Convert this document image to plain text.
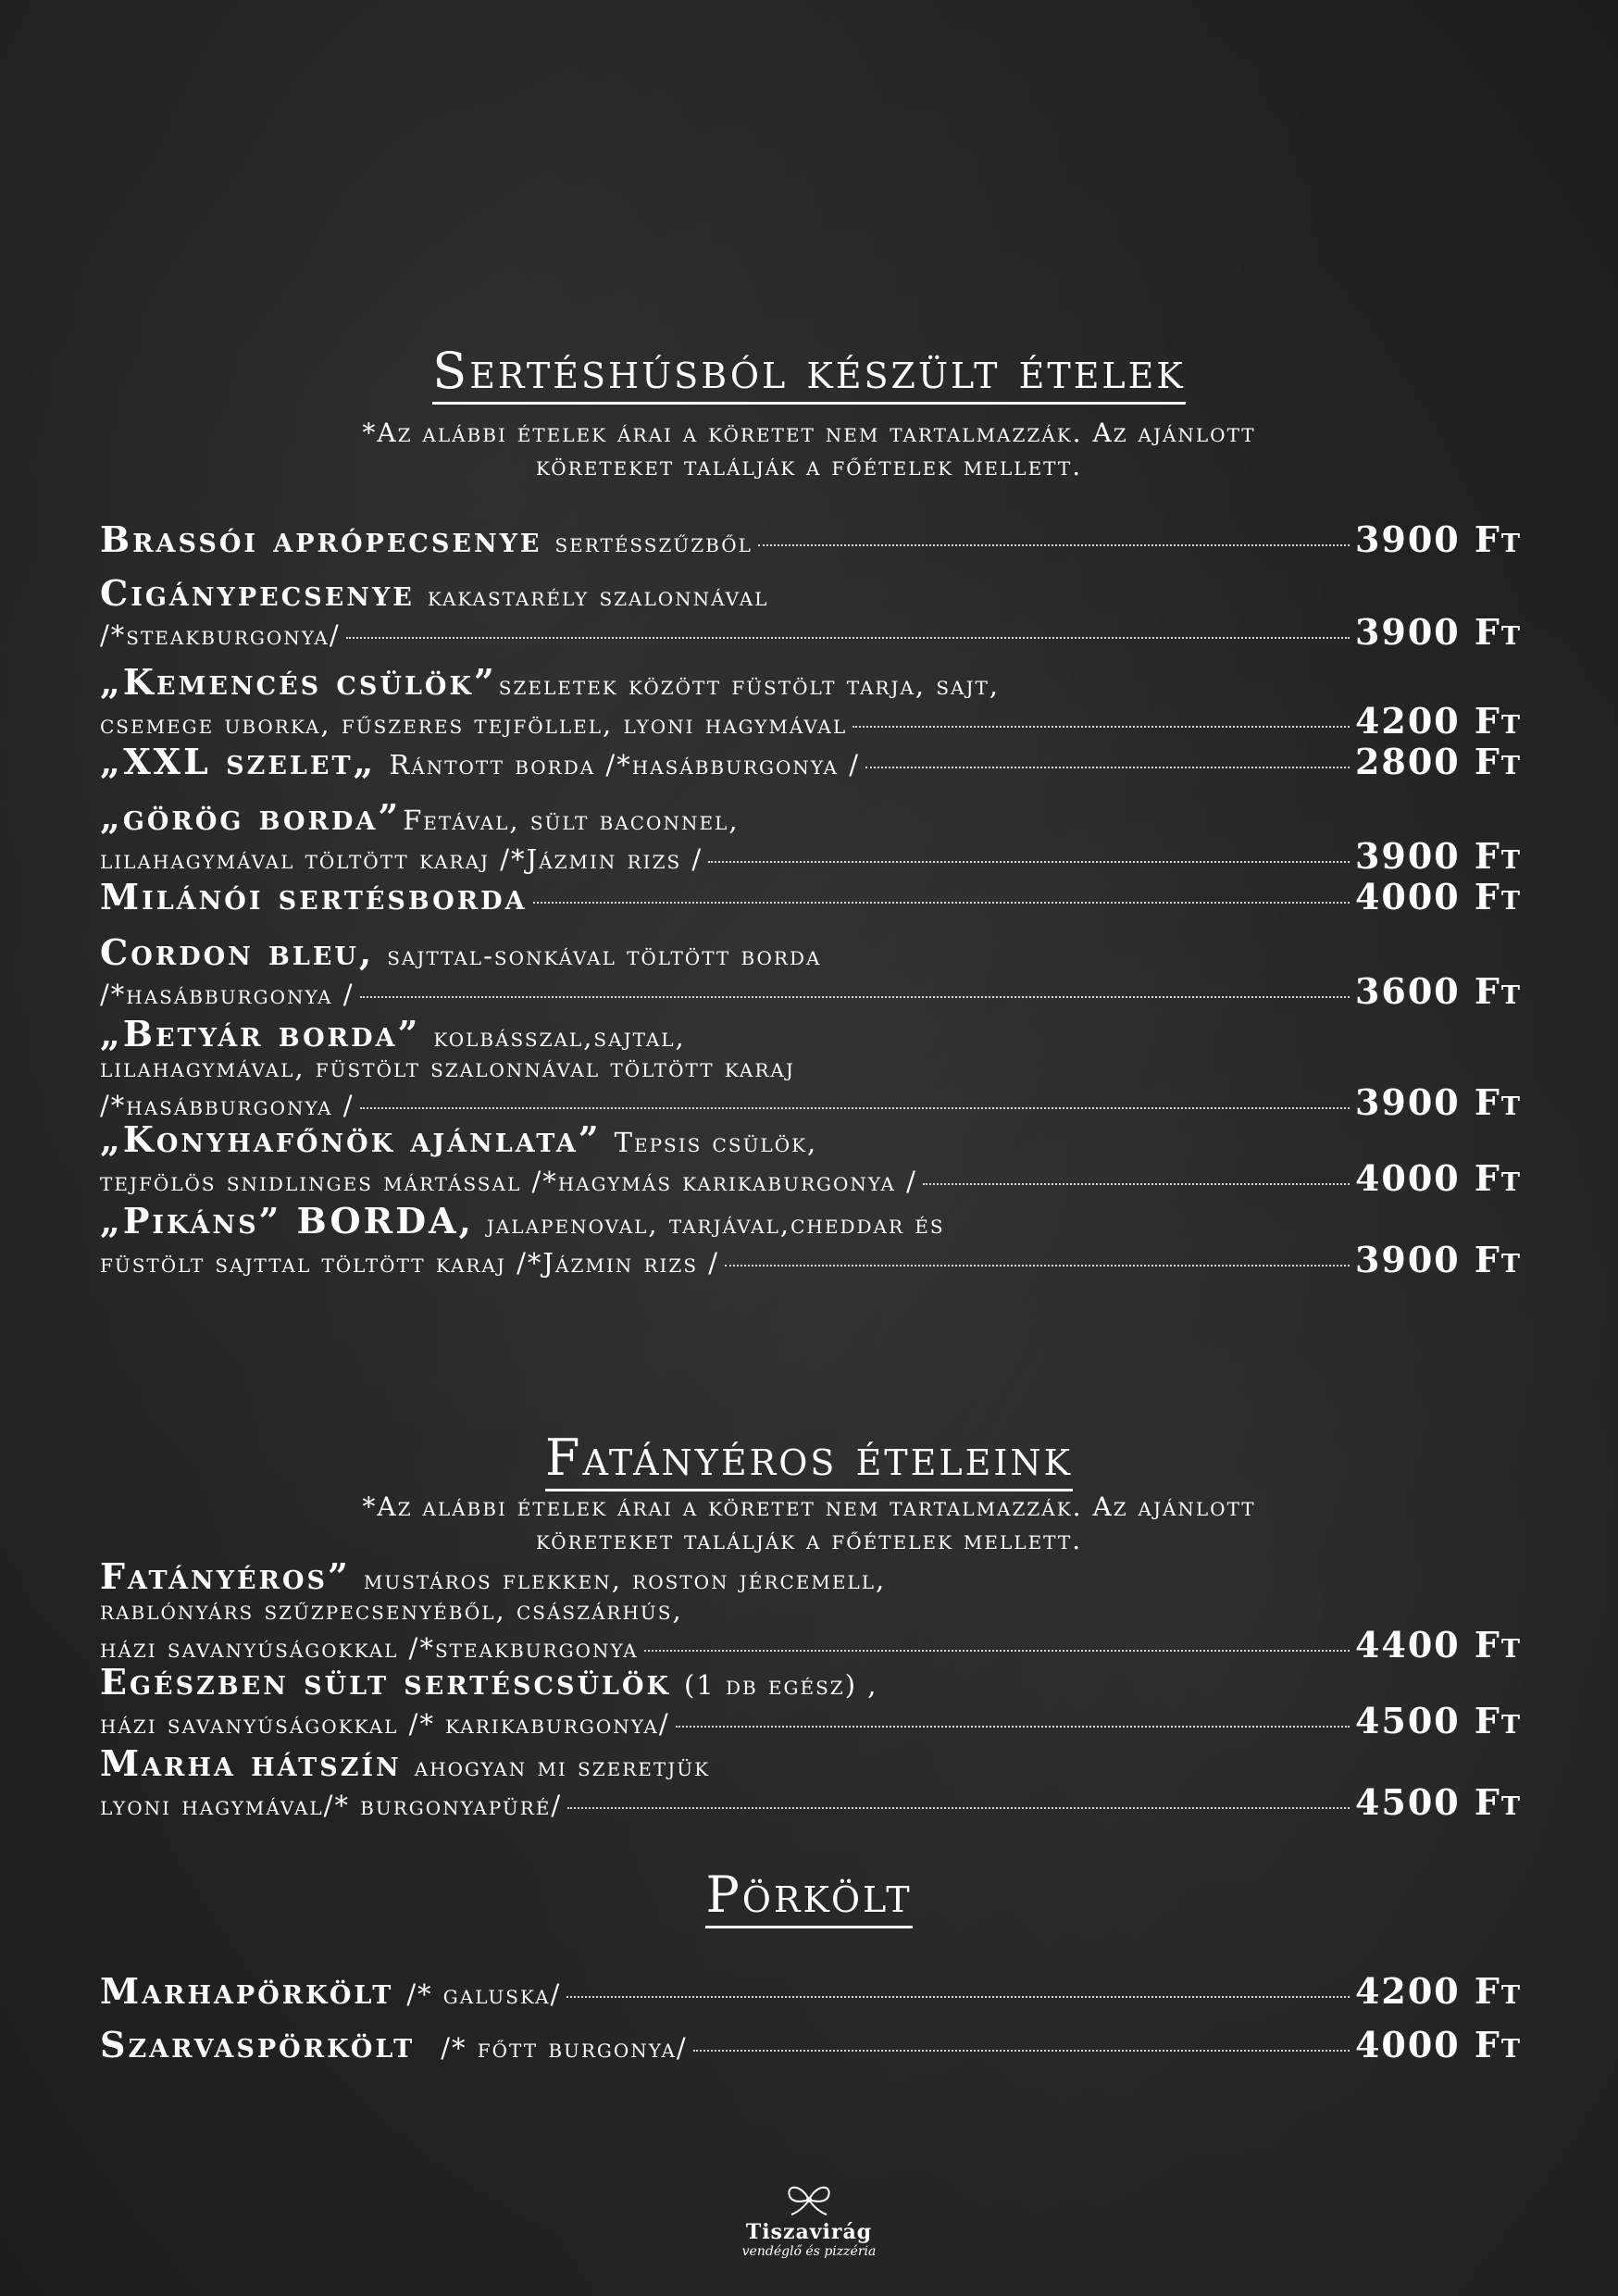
Sertéshúsból készült ételek
*Az alábbi ételek árai a köretet nem tartalmazzák. Az ajánlott
köreteket találják a főételek mellett.
Brassói aprópecsenye sertésszűzből	3900 Ft
Cigánypecsenye kakastarély szalonnával
/*steakburgonya/	3900 Ft
„Kemencés csülök” szeletek között füstölt tarja, sajt,
csemege uborka, fűszeres tejföllel, lyoni hagymával	4200 Ft
„XXL szelet„ Rántott borda /*hasábburgonya /	2800 Ft
„görög borda” Fetával, sült baconnel,
lilahagymával töltött karaj /*Jázmin rizs /	3900 Ft
Milánói sertésborda	4000 Ft
Cordon bleu, sajttal-sonkával töltött borda
/*hasábburgonya /	3600 Ft
„Betyár borda” kolbásszal,sajtal,
lilahagymával, füstölt szalonnával töltött karaj
/*hasábburgonya /	3900 Ft
„Konyhafőnök ajánlata” Tepsis csülök,
tejfölös snidlinges mártással /*hagymás karikaburgonya /	4000 Ft
„Pikáns” BORDA, jalapenoval, tarjával,cheddar és
füstölt sajttal töltött karaj /*Jázmin rizs /	3900 Ft
Fatányéros ételeink
*Az alábbi ételek árai a köretet nem tartalmazzák. Az ajánlott
köreteket találják a főételek mellett.
Fatányéros” mustáros flekken, roston jércemell,
rablónyárs szűzpecsenyéből, császárhús,
házi savanyúságokkal /*steakburgonya	4400 Ft
Egészben sült sertéscsülök (1 db egész) ,
házi savanyúságokkal /* karikaburgonya/	4500 Ft
Marha hátszín ahogyan mi szeretjük
lyoni hagymával/* burgonyapüré/	4500 Ft
Pörkölt
Marhapörkölt /* galuska/	4200 Ft
Szarvaspörkölt /* főtt burgonya/	4000 Ft
Tiszavirág
vendéglő és pizzéria
